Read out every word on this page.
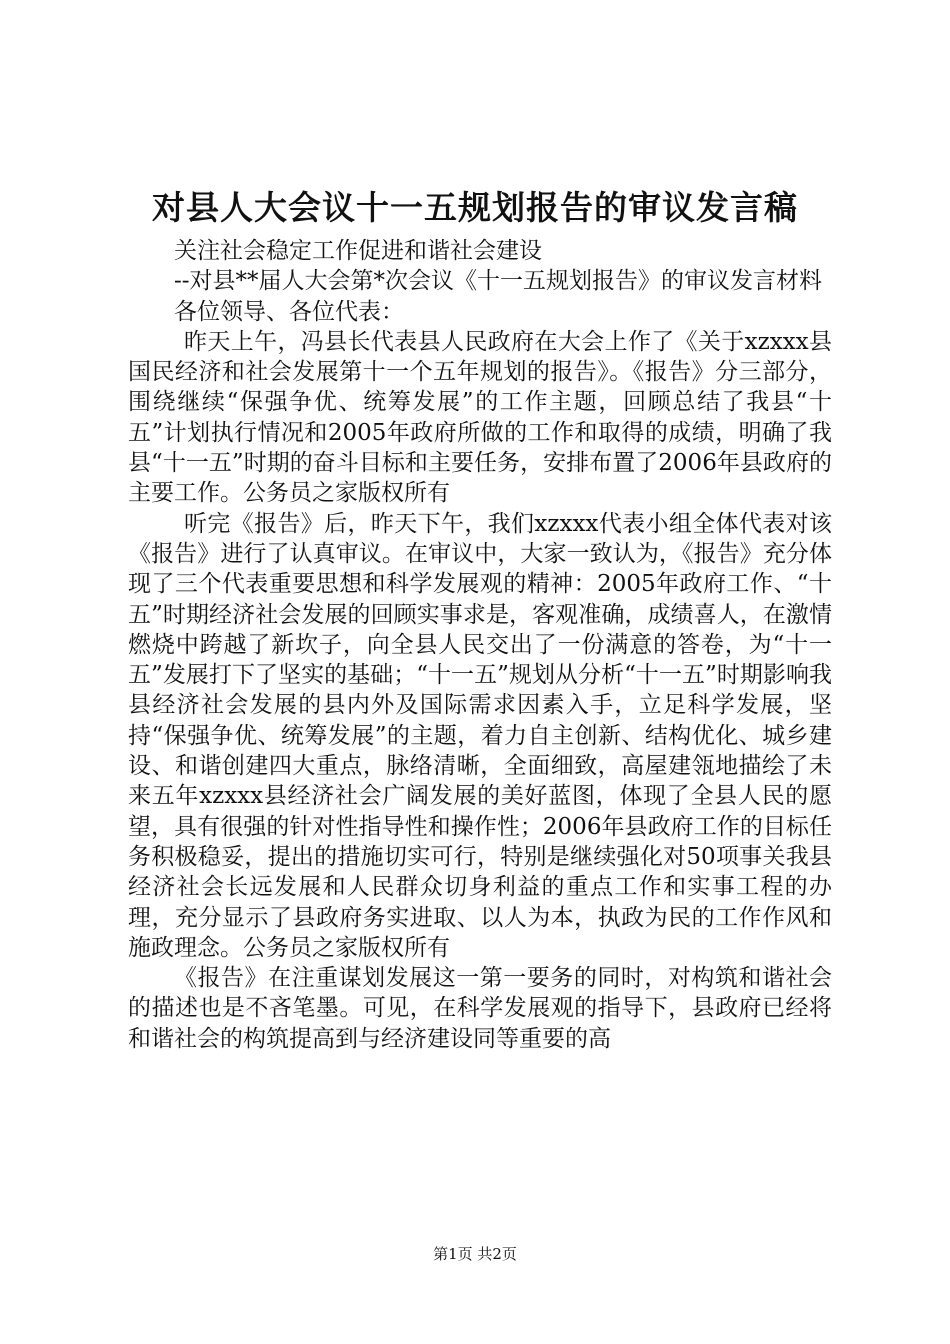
对县人大会议十一五规划报告的审议发言稿

关注社会稳定工作促进和谐社会建设

--对县**届人大会第*次会议《十一五规划报告》的审议发言材料

各位领导、各位代表：

昨天上午，冯县长代表县人民政府在大会上作了《关于xzxxx县国民经济和社会发展第十一个五年规划的报告》。《报告》分三部分，围绕继续“保强争优、统筹发展”的工作主题，回顾总结了我县“十五”计划执行情况和2005年政府所做的工作和取得的成绩，明确了我县“十一五”时期的奋斗目标和主要任务，安排布置了2006年县政府的主要工作。公务员之家版权所有

听完《报告》后，昨天下午，我们xzxxx代表小组全体代表对该《报告》进行了认真审议。在审议中，大家一致认为，《报告》充分体现了三个代表重要思想和科学发展观的精神：2005年政府工作、“十五”时期经济社会发展的回顾实事求是，客观准确，成绩喜人，在激情燃烧中跨越了新坎子，向全县人民交出了一份满意的答卷，为“十一五”发展打下了坚实的基础；“十一五”规划从分析“十一五”时期影响我县经济社会发展的县内外及国际需求因素入手，立足科学发展，坚持“保强争优、统筹发展”的主题，着力自主创新、结构优化、城乡建设、和谐创建四大重点，脉络清晰，全面细致，高屋建瓴地描绘了未来五年xzxxx县经济社会广阔发展的美好蓝图，体现了全县人民的愿望，具有很强的针对性指导性和操作性；2006年县政府工作的目标任务积极稳妥，提出的措施切实可行，特别是继续强化对50项事关我县经济社会长远发展和人民群众切身利益的重点工作和实事工程的办理，充分显示了县政府务实进取、以人为本，执政为民的工作作风和施政理念。公务员之家版权所有

《报告》在注重谋划发展这一第一要务的同时，对构筑和谐社会的描述也是不吝笔墨。可见，在科学发展观的指导下，县政府已经将和谐社会的构筑提高到与经济建设同等重要的高

第1页 共2页
